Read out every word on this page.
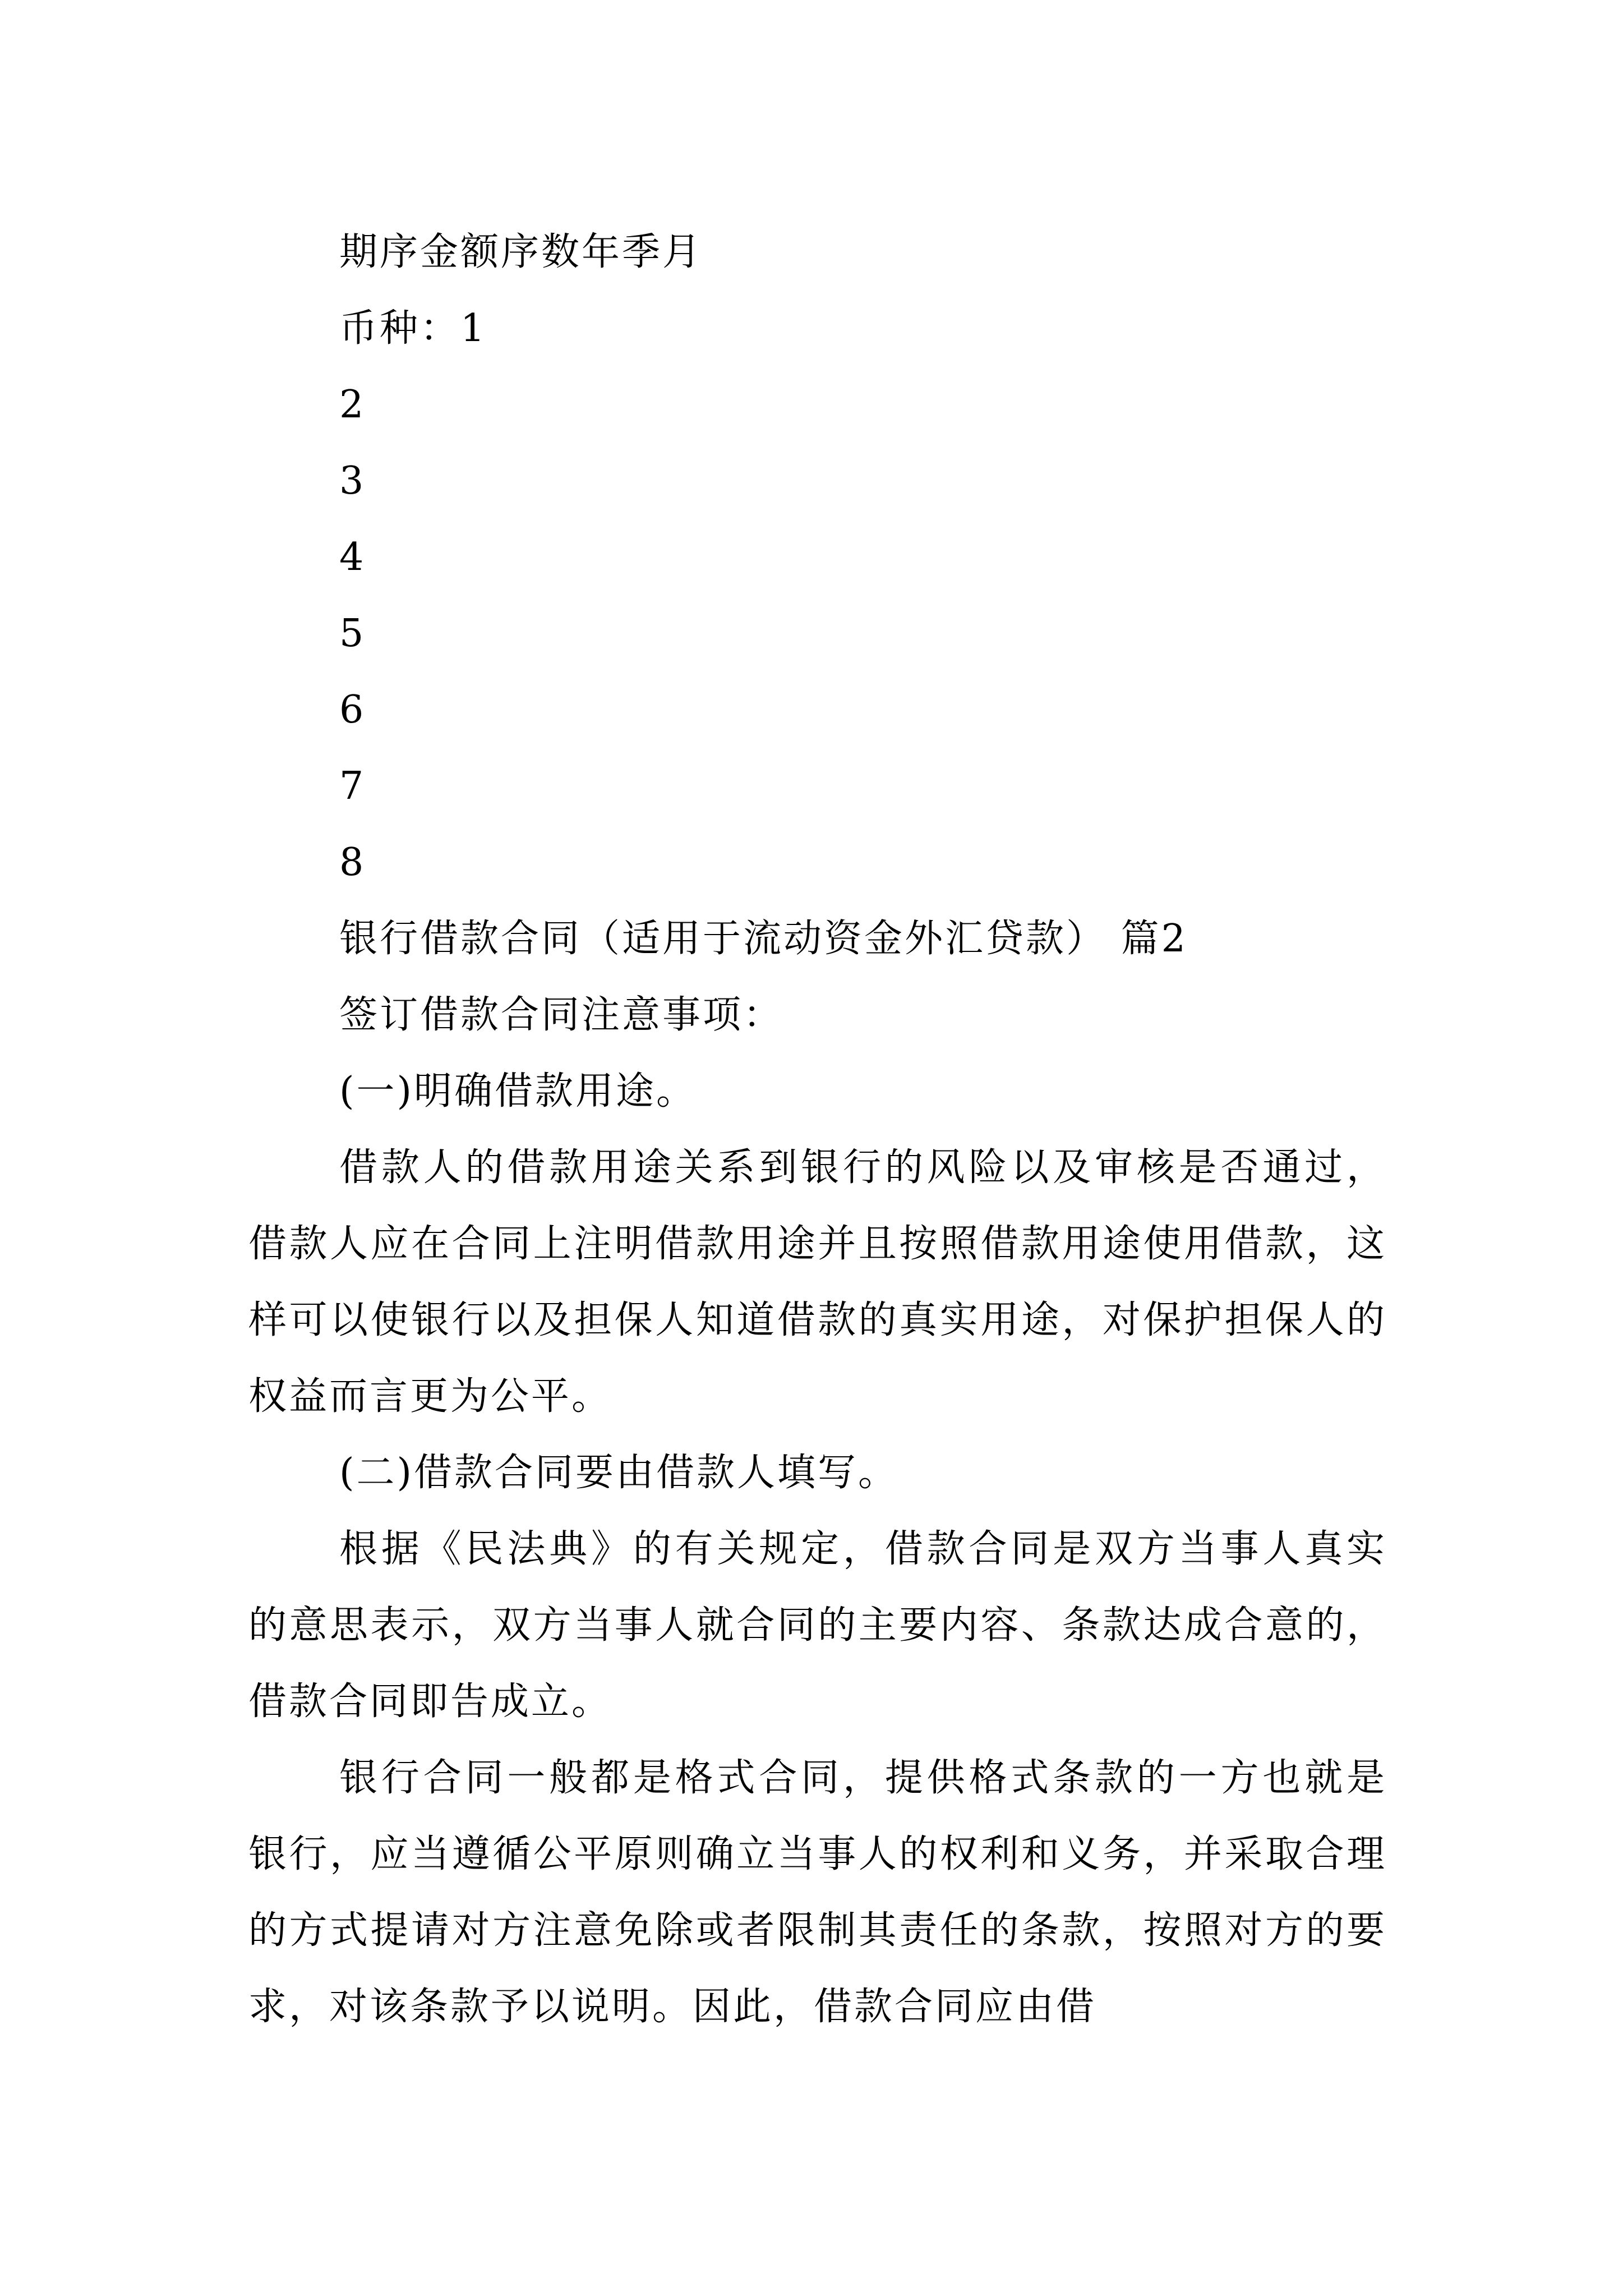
期序金额序数年季月
币种：1
2
3
4
5
6
7
8
银行借款合同（适用于流动资金外汇贷款） 篇2
签订借款合同注意事项：
(一)明确借款用途。

借款人的借款用途关系到银行的风险以及审核是否通过，借款人应在合同上注明借款用途并且按照借款用途使用借款，这样可以使银行以及担保人知道借款的真实用途，对保护担保人的权益而言更为公平。

(二)借款合同要由借款人填写。

根据《民法典》的有关规定，借款合同是双方当事人真实的意思表示，双方当事人就合同的主要内容、条款达成合意的，借款合同即告成立。

银行合同一般都是格式合同，提供格式条款的一方也就是银行，应当遵循公平原则确立当事人的权利和义务，并采取合理的方式提请对方注意免除或者限制其责任的条款，按照对方的要求，对该条款予以说明。因此，借款合同应由借
